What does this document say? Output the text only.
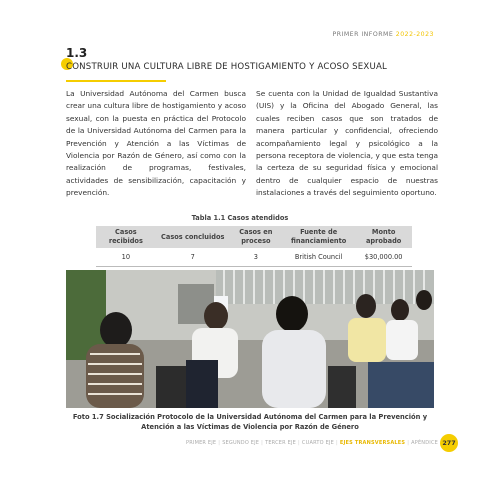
PRIMER INFORME 2022-2023
1.3
CONSTRUIR UNA CULTURA LIBRE DE HOSTIGAMIENTO Y ACOSO SEXUAL
La Universidad Autónoma del Carmen busca crear una cultura libre de hostigamiento y acoso sexual, con la puesta en práctica del Protocolo de la Universidad Autónoma del Carmen para la Prevención y Atención a las Víctimas de Violencia por Razón de Género, así como con la realización de programas, festivales, actividades de sensibilización, capacitación y prevención.
Se cuenta con la Unidad de Igualdad Sustantiva (UIS) y la Oficina del Abogado General, las cuales reciben casos que son tratados de manera particular y confidencial, ofreciendo acompañamiento legal y psicológico a la persona receptora de violencia, y que esta tenga la certeza de su seguridad física y emocional dentro de cualquier espacio de nuestras instalaciones a través del seguimiento oportuno.
Tabla 1.1 Casos atendidos
Casos recibidos	Casos concluidos	Casos en proceso	Fuente de financiamiento	Monto aprobado
10	7	3	British Council	$30,000.00
Foto 1.7 Socialización Protocolo de la Universidad Autónoma del Carmen para la Prevención y Atención a las Víctimas de Violencia por Razón de Género
PRIMER EJE | SEGUNDO EJE | TERCER EJE | CUARTO EJE | EJES TRANSVERSALES | APÉNDICE 277
